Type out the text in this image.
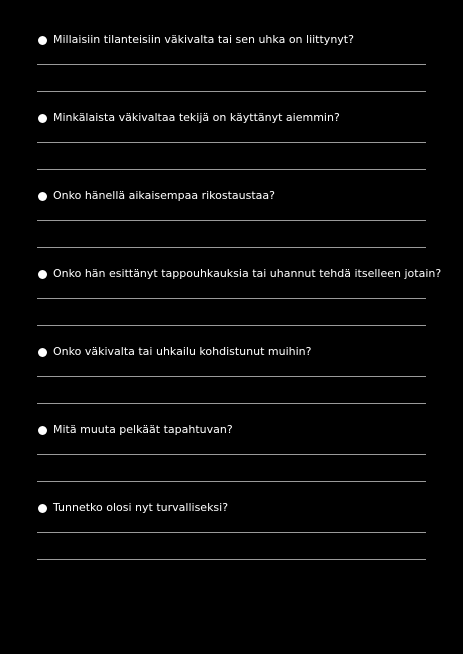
Millaisiin tilanteisiin väkivalta tai sen uhka on liittynyt?
Minkälaista väkivaltaa tekijä on käyttänyt aiemmin?
Onko hänellä aikaisempaa rikostaustaa?
Onko hän esittänyt tappouhkauksia tai uhannut tehdä itselleen jotain?
Onko väkivalta tai uhkailu kohdistunut muihin?
Mitä muuta pelkäät tapahtuvan?
Tunnetko olosi nyt turvalliseksi?
